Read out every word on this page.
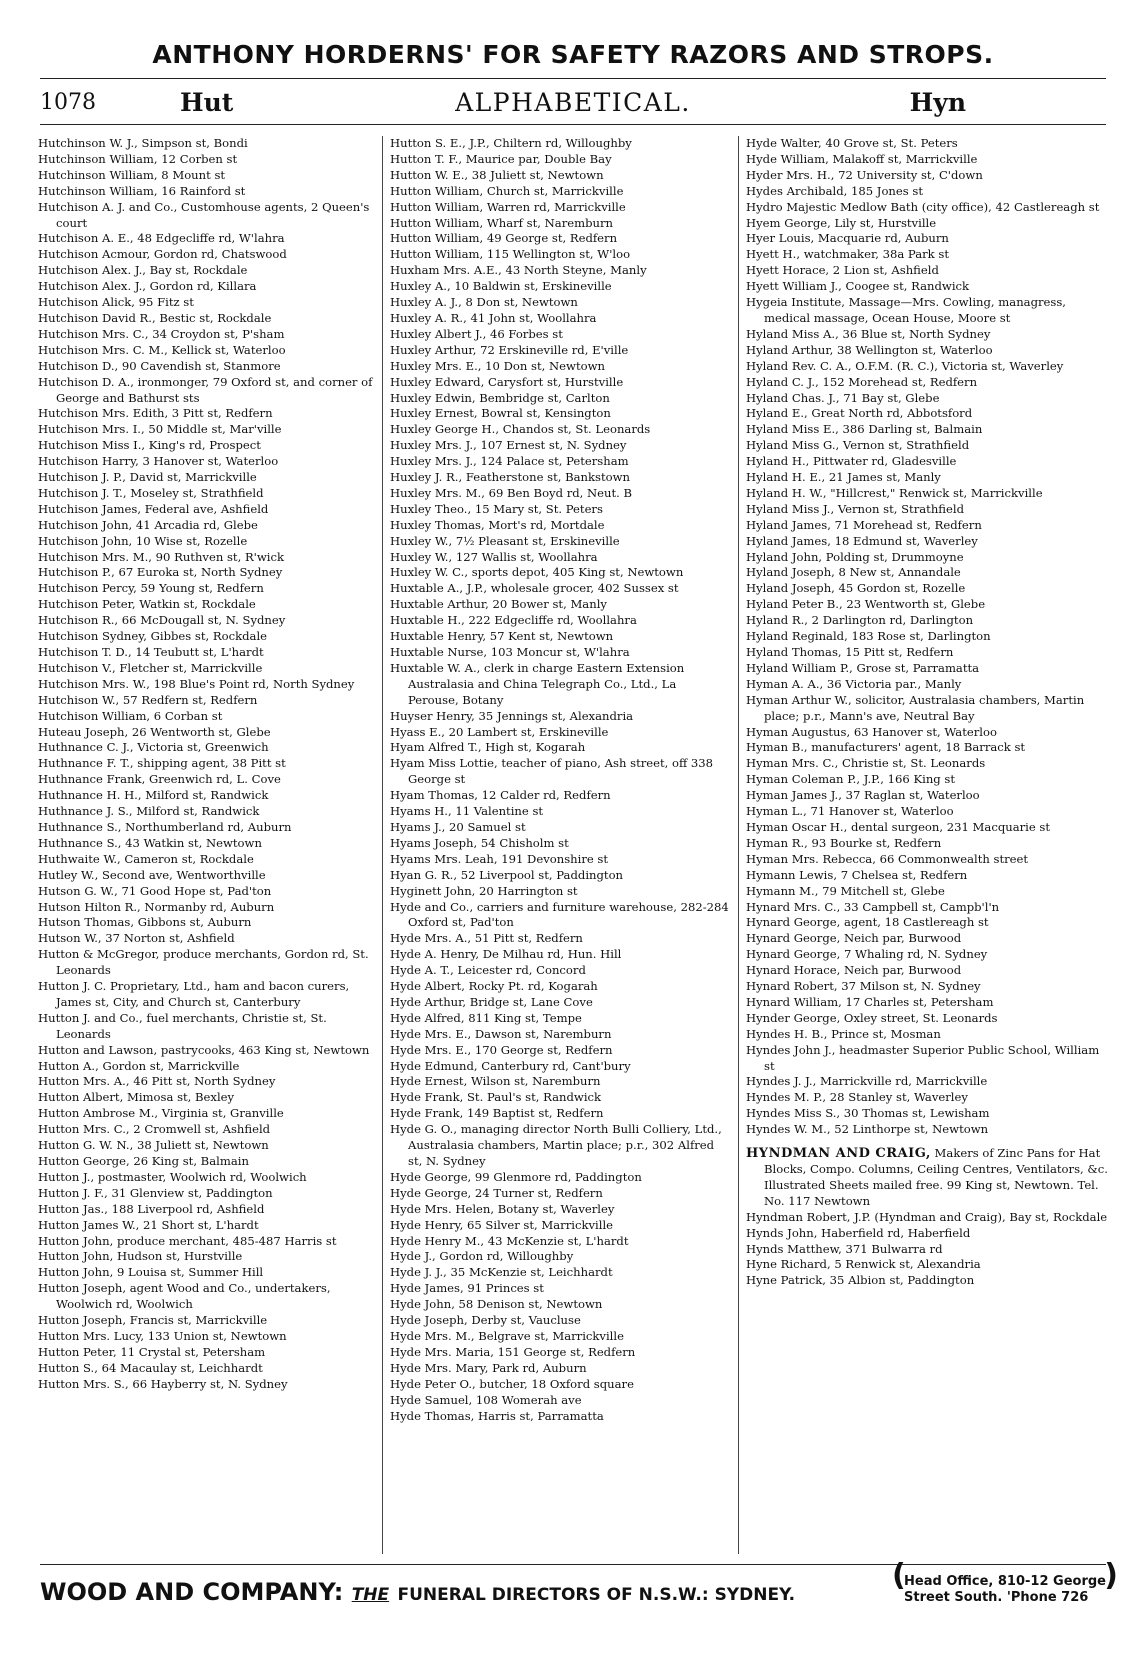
ANTHONY HORDERNS' FOR SAFETY RAZORS AND STROPS.
1078	Hut	ALPHABETICAL.	Hyn

Hutchinson W. J., Simpson st, Bondi

Hutchinson William, 12 Corben st

Hutchinson William, 8 Mount st

Hutchinson William, 16 Rainford st

Hutchison A. J. and Co., Customhouse agents, 2 Queen's court

Hutchison A. E., 48 Edgecliffe rd, W'lahra

Hutchison Acmour, Gordon rd, Chatswood

Hutchison Alex. J., Bay st, Rockdale

Hutchison Alex. J., Gordon rd, Killara

Hutchison Alick, 95 Fitz st

Hutchison David R., Bestic st, Rockdale

Hutchison Mrs. C., 34 Croydon st, P'sham

Hutchison Mrs. C. M., Kellick st, Waterloo

Hutchison D., 90 Cavendish st, Stanmore

Hutchison D. A., ironmonger, 79 Oxford st, and corner of George and Bathurst sts

Hutchison Mrs. Edith, 3 Pitt st, Redfern

Hutchison Mrs. I., 50 Middle st, Mar'ville

Hutchison Miss I., King's rd, Prospect

Hutchison Harry, 3 Hanover st, Waterloo

Hutchison J. P., David st, Marrickville

Hutchison J. T., Moseley st, Strathfield

Hutchison James, Federal ave, Ashfield

Hutchison John, 41 Arcadia rd, Glebe

Hutchison John, 10 Wise st, Rozelle

Hutchison Mrs. M., 90 Ruthven st, R'wick

Hutchison P., 67 Euroka st, North Sydney

Hutchison Percy, 59 Young st, Redfern

Hutchison Peter, Watkin st, Rockdale

Hutchison R., 66 McDougall st, N. Sydney

Hutchison Sydney, Gibbes st, Rockdale

Hutchison T. D., 14 Teubutt st, L'hardt

Hutchison V., Fletcher st, Marrickville

Hutchison Mrs. W., 198 Blue's Point rd, North Sydney

Hutchison W., 57 Redfern st, Redfern

Hutchison William, 6 Corban st

Huteau Joseph, 26 Wentworth st, Glebe

Huthnance C. J., Victoria st, Greenwich

Huthnance F. T., shipping agent, 38 Pitt st

Huthnance Frank, Greenwich rd, L. Cove

Huthnance H. H., Milford st, Randwick

Huthnance J. S., Milford st, Randwick

Huthnance S., Northumberland rd, Auburn

Huthnance S., 43 Watkin st, Newtown

Huthwaite W., Cameron st, Rockdale

Hutley W., Second ave, Wentworthville

Hutson G. W., 71 Good Hope st, Pad'ton

Hutson Hilton R., Normanby rd, Auburn

Hutson Thomas, Gibbons st, Auburn

Hutson W., 37 Norton st, Ashfield

Hutton & McGregor, produce merchants, Gordon rd, St. Leonards

Hutton J. C. Proprietary, Ltd., ham and bacon curers, James st, City, and Church st, Canterbury

Hutton J. and Co., fuel merchants, Christie st, St. Leonards

Hutton and Lawson, pastrycooks, 463 King st, Newtown

Hutton A., Gordon st, Marrickville

Hutton Mrs. A., 46 Pitt st, North Sydney

Hutton Albert, Mimosa st, Bexley

Hutton Ambrose M., Virginia st, Granville

Hutton Mrs. C., 2 Cromwell st, Ashfield

Hutton G. W. N., 38 Juliett st, Newtown

Hutton George, 26 King st, Balmain

Hutton J., postmaster, Woolwich rd, Woolwich

Hutton J. F., 31 Glenview st, Paddington

Hutton Jas., 188 Liverpool rd, Ashfield

Hutton James W., 21 Short st, L'hardt

Hutton John, produce merchant, 485-487 Harris st

Hutton John, Hudson st, Hurstville

Hutton John, 9 Louisa st, Summer Hill

Hutton Joseph, agent Wood and Co., undertakers, Woolwich rd, Woolwich

Hutton Joseph, Francis st, Marrickville

Hutton Mrs. Lucy, 133 Union st, Newtown

Hutton Peter, 11 Crystal st, Petersham

Hutton S., 64 Macaulay st, Leichhardt

Hutton Mrs. S., 66 Hayberry st, N. Sydney

Hutton S. E., J.P., Chiltern rd, Willoughby

Hutton T. F., Maurice par, Double Bay

Hutton W. E., 38 Juliett st, Newtown

Hutton William, Church st, Marrickville

Hutton William, Warren rd, Marrickville

Hutton William, Wharf st, Naremburn

Hutton William, 49 George st, Redfern

Hutton William, 115 Wellington st, W'loo

Huxham Mrs. A.E., 43 North Steyne, Manly

Huxley A., 10 Baldwin st, Erskineville

Huxley A. J., 8 Don st, Newtown

Huxley A. R., 41 John st, Woollahra

Huxley Albert J., 46 Forbes st

Huxley Arthur, 72 Erskineville rd, E'ville

Huxley Mrs. E., 10 Don st, Newtown

Huxley Edward, Carysfort st, Hurstville

Huxley Edwin, Bembridge st, Carlton

Huxley Ernest, Bowral st, Kensington

Huxley George H., Chandos st, St. Leonards

Huxley Mrs. J., 107 Ernest st, N. Sydney

Huxley Mrs. J., 124 Palace st, Petersham

Huxley J. R., Featherstone st, Bankstown

Huxley Mrs. M., 69 Ben Boyd rd, Neut. B

Huxley Theo., 15 Mary st, St. Peters

Huxley Thomas, Mort's rd, Mortdale

Huxley W., 7½ Pleasant st, Erskineville

Huxley W., 127 Wallis st, Woollahra

Huxley W. C., sports depot, 405 King st, Newtown

Huxtable A., J.P., wholesale grocer, 402 Sussex st

Huxtable Arthur, 20 Bower st, Manly

Huxtable H., 222 Edgecliffe rd, Woollahra

Huxtable Henry, 57 Kent st, Newtown

Huxtable Nurse, 103 Moncur st, W'lahra

Huxtable W. A., clerk in charge Eastern Extension Australasia and China Telegraph Co., Ltd., La Perouse, Botany

Huyser Henry, 35 Jennings st, Alexandria

Hyass E., 20 Lambert st, Erskineville

Hyam Alfred T., High st, Kogarah

Hyam Miss Lottie, teacher of piano, Ash street, off 338 George st

Hyam Thomas, 12 Calder rd, Redfern

Hyams H., 11 Valentine st

Hyams J., 20 Samuel st

Hyams Joseph, 54 Chisholm st

Hyams Mrs. Leah, 191 Devonshire st

Hyan G. R., 52 Liverpool st, Paddington

Hyginett John, 20 Harrington st

Hyde and Co., carriers and furniture warehouse, 282-284 Oxford st, Pad'ton

Hyde Mrs. A., 51 Pitt st, Redfern

Hyde A. Henry, De Milhau rd, Hun. Hill

Hyde A. T., Leicester rd, Concord

Hyde Albert, Rocky Pt. rd, Kogarah

Hyde Arthur, Bridge st, Lane Cove

Hyde Alfred, 811 King st, Tempe

Hyde Mrs. E., Dawson st, Naremburn

Hyde Mrs. E., 170 George st, Redfern

Hyde Edmund, Canterbury rd, Cant'bury

Hyde Ernest, Wilson st, Naremburn

Hyde Frank, St. Paul's st, Randwick

Hyde Frank, 149 Baptist st, Redfern

Hyde G. O., managing director North Bulli Colliery, Ltd., Australasia chambers, Martin place; p.r., 302 Alfred st, N. Sydney

Hyde George, 99 Glenmore rd, Paddington

Hyde George, 24 Turner st, Redfern

Hyde Mrs. Helen, Botany st, Waverley

Hyde Henry, 65 Silver st, Marrickville

Hyde Henry M., 43 McKenzie st, L'hardt

Hyde J., Gordon rd, Willoughby

Hyde J. J., 35 McKenzie st, Leichhardt

Hyde James, 91 Princes st

Hyde John, 58 Denison st, Newtown

Hyde Joseph, Derby st, Vaucluse

Hyde Mrs. M., Belgrave st, Marrickville

Hyde Mrs. Maria, 151 George st, Redfern

Hyde Mrs. Mary, Park rd, Auburn

Hyde Peter O., butcher, 18 Oxford square

Hyde Samuel, 108 Womerah ave

Hyde Thomas, Harris st, Parramatta

Hyde Walter, 40 Grove st, St. Peters

Hyde William, Malakoff st, Marrickville

Hyder Mrs. H., 72 University st, C'down

Hydes Archibald, 185 Jones st

Hydro Majestic Medlow Bath (city office), 42 Castlereagh st

Hyem George, Lily st, Hurstville

Hyer Louis, Macquarie rd, Auburn

Hyett H., watchmaker, 38a Park st

Hyett Horace, 2 Lion st, Ashfield

Hyett William J., Coogee st, Randwick

Hygeia Institute, Massage—Mrs. Cowling, managress, medical massage, Ocean House, Moore st

Hyland Miss A., 36 Blue st, North Sydney

Hyland Arthur, 38 Wellington st, Waterloo

Hyland Rev. C. A., O.F.M. (R. C.), Victoria st, Waverley

Hyland C. J., 152 Morehead st, Redfern

Hyland Chas. J., 71 Bay st, Glebe

Hyland E., Great North rd, Abbotsford

Hyland Miss E., 386 Darling st, Balmain

Hyland Miss G., Vernon st, Strathfield

Hyland H., Pittwater rd, Gladesville

Hyland H. E., 21 James st, Manly

Hyland H. W., "Hillcrest," Renwick st, Marrickville

Hyland Miss J., Vernon st, Strathfield

Hyland James, 71 Morehead st, Redfern

Hyland James, 18 Edmund st, Waverley

Hyland John, Polding st, Drummoyne

Hyland Joseph, 8 New st, Annandale

Hyland Joseph, 45 Gordon st, Rozelle

Hyland Peter B., 23 Wentworth st, Glebe

Hyland R., 2 Darlington rd, Darlington

Hyland Reginald, 183 Rose st, Darlington

Hyland Thomas, 15 Pitt st, Redfern

Hyland William P., Grose st, Parramatta

Hyman A. A., 36 Victoria par., Manly

Hyman Arthur W., solicitor, Australasia chambers, Martin place; p.r., Mann's ave, Neutral Bay

Hyman Augustus, 63 Hanover st, Waterloo

Hyman B., manufacturers' agent, 18 Barrack st

Hyman Mrs. C., Christie st, St. Leonards

Hyman Coleman P., J.P., 166 King st

Hyman James J., 37 Raglan st, Waterloo

Hyman L., 71 Hanover st, Waterloo

Hyman Oscar H., dental surgeon, 231 Macquarie st

Hyman R., 93 Bourke st, Redfern

Hyman Mrs. Rebecca, 66 Commonwealth street

Hymann Lewis, 7 Chelsea st, Redfern

Hymann M., 79 Mitchell st, Glebe

Hynard Mrs. C., 33 Campbell st, Campb'l'n

Hynard George, agent, 18 Castlereagh st

Hynard George, Neich par, Burwood

Hynard George, 7 Whaling rd, N. Sydney

Hynard Horace, Neich par, Burwood

Hynard Robert, 37 Milson st, N. Sydney

Hynard William, 17 Charles st, Petersham

Hynder George, Oxley street, St. Leonards

Hyndes H. B., Prince st, Mosman

Hyndes John J., headmaster Superior Public School, William st

Hyndes J. J., Marrickville rd, Marrickville

Hyndes M. P., 28 Stanley st, Waverley

Hyndes Miss S., 30 Thomas st, Lewisham

Hyndes W. M., 52 Linthorpe st, Newtown

HYNDMAN AND CRAIG, Makers of Zinc Pans for Hat Blocks, Compo. Columns, Ceiling Centres, Ventilators, &c. Illustrated Sheets mailed free. 99 King st, Newtown. Tel. No. 117 Newtown

Hyndman Robert, J.P. (Hyndman and Craig), Bay st, Rockdale

Hynds John, Haberfield rd, Haberfield

Hynds Matthew, 371 Bulwarra rd

Hyne Richard, 5 Renwick st, Alexandria

Hyne Patrick, 35 Albion st, Paddington

WOOD AND COMPANY: THE FUNERAL DIRECTORS OF N.S.W.: SYDNEY.
(
Head Office, 810-12 George
Street South. 'Phone 726
)
